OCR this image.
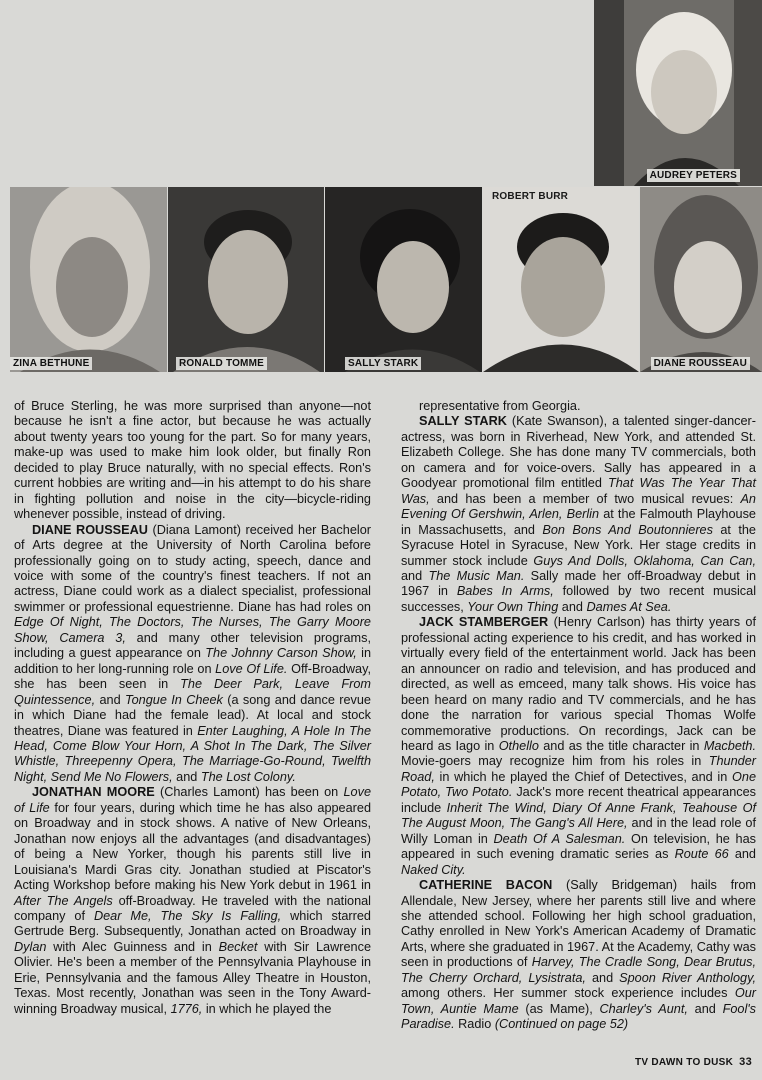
AUDREY PETERS
ZINA BETHUNE	RONALD TOMME	SALLY STARK
ROBERT BURR
DIANE ROUSSEAU

of Bruce Sterling, he was more surprised than anyone—not because he isn't a fine actor, but because he was actually about twenty years too young for the part. So for many years, make-up was used to make him look older, but finally Ron decided to play Bruce naturally, with no special effects. Ron's current hobbies are writing and—in his attempt to do his share in fighting pollution and noise in the city—bicycle-riding whenever possible, instead of driving.

DIANE ROUSSEAU (Diana Lamont) received her Bachelor of Arts degree at the University of North Carolina before professionally going on to study acting, speech, dance and voice with some of the country's finest teachers. If not an actress, Diane could work as a dialect specialist, professional swimmer or professional equestrienne. Diane has had roles on Edge Of Night, The Doctors, The Nurses, The Garry Moore Show, Camera 3, and many other television programs, including a guest appearance on The Johnny Carson Show, in addition to her long-running role on Love Of Life. Off-Broadway, she has been seen in The Deer Park, Leave From Quintessence, and Tongue In Cheek (a song and dance revue in which Diane had the female lead). At local and stock theatres, Diane was featured in Enter Laughing, A Hole In The Head, Come Blow Your Horn, A Shot In The Dark, The Silver Whistle, Threepenny Opera, The Marriage-Go-Round, Twelfth Night, Send Me No Flowers, and The Lost Colony.

JONATHAN MOORE (Charles Lamont) has been on Love of Life for four years, during which time he has also appeared on Broadway and in stock shows. A native of New Orleans, Jonathan now enjoys all the advantages (and disadvantages) of being a New Yorker, though his parents still live in Louisiana's Mardi Gras city. Jonathan studied at Piscator's Acting Workshop before making his New York debut in 1961 in After The Angels off-Broadway. He traveled with the national company of Dear Me, The Sky Is Falling, which starred Gertrude Berg. Subsequently, Jonathan acted on Broadway in Dylan with Alec Guinness and in Becket with Sir Lawrence Olivier. He's been a member of the Pennsylvania Playhouse in Erie, Pennsylvania and the famous Alley Theatre in Houston, Texas. Most recently, Jonathan was seen in the Tony Award-winning Broadway musical, 1776, in which he played the

representative from Georgia.

SALLY STARK (Kate Swanson), a talented singer-dancer-actress, was born in Riverhead, New York, and attended St. Elizabeth College. She has done many TV commercials, both on camera and for voice-overs. Sally has appeared in a Goodyear promotional film entitled That Was The Year That Was, and has been a member of two musical revues: An Evening Of Gershwin, Arlen, Berlin at the Falmouth Playhouse in Massachusetts, and Bon Bons And Boutonnieres at the Syracuse Hotel in Syracuse, New York. Her stage credits in summer stock include Guys And Dolls, Oklahoma, Can Can, and The Music Man. Sally made her off-Broadway debut in 1967 in Babes In Arms, followed by two recent musical successes, Your Own Thing and Dames At Sea.

JACK STAMBERGER (Henry Carlson) has thirty years of professional acting experience to his credit, and has worked in virtually every field of the entertainment world. Jack has been an announcer on radio and television, and has produced and directed, as well as emceed, many talk shows. His voice has been heard on many radio and TV commercials, and he has done the narration for various special Thomas Wolfe commemorative productions. On recordings, Jack can be heard as Iago in Othello and as the title character in Macbeth. Movie-goers may recognize him from his roles in Thunder Road, in which he played the Chief of Detectives, and in One Potato, Two Potato. Jack's more recent theatrical appearances include Inherit The Wind, Diary Of Anne Frank, Teahouse Of The August Moon, The Gang's All Here, and in the lead role of Willy Loman in Death Of A Salesman. On television, he has appeared in such evening dramatic series as Route 66 and Naked City.

CATHERINE BACON (Sally Bridgeman) hails from Allendale, New Jersey, where her parents still live and where she attended school. Following her high school graduation, Cathy enrolled in New York's American Academy of Dramatic Arts, where she graduated in 1967. At the Academy, Cathy was seen in productions of Harvey, The Cradle Song, Dear Brutus, The Cherry Orchard, Lysistrata, and Spoon River Anthology, among others. Her summer stock experience includes Our Town, Auntie Mame (as Mame), Charley's Aunt, and Fool's Paradise. Radio (Continued on page 52)

TV DAWN TO DUSK 33
